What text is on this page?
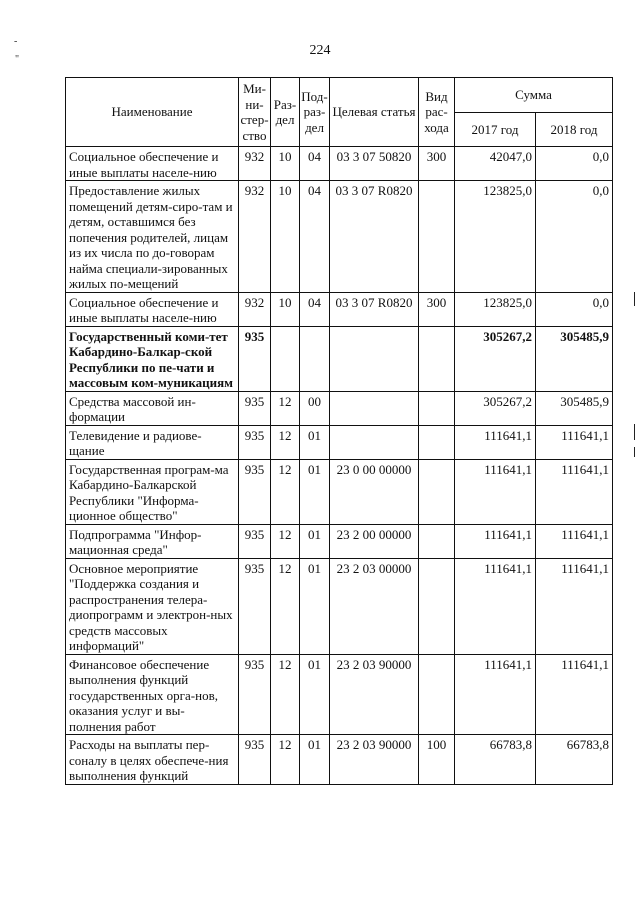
-
"
224
Наименование	Ми-ни-стер-ство	Раз-дел	Под-раз-дел	Целевая статья	Вид рас-хода	Сумма	
						2017 год	2018 год
Социальное обеспечение и иные выплаты населе-нию	932	10	04	03 3 07 50820	300	42047,0	0,0
Предоставление жилых помещений детям-сиро-там и детям, оставшимся без попечения родителей, лицам из их числа по до-говорам найма специали-зированных жилых по-мещений	932	10	04	03 3 07 R0820		123825,0	0,0
Социальное обеспечение и иные выплаты населе-нию	932	10	04	03 3 07 R0820	300	123825,0	0,0
Государственный коми-тет Кабардино-Балкар-ской Республики по пе-чати и массовым ком-муникациям	935					305267,2	305485,9
Средства массовой ин-формации	935	12	00			305267,2	305485,9
Телевидение и радиове-щание	935	12	01			111641,1	111641,1
Государственная програм-ма Кабардино-Балкарской Республики "Информа-ционное общество"	935	12	01	23 0 00 00000		111641,1	111641,1
Подпрограмма "Инфор-мационная среда"	935	12	01	23 2 00 00000		111641,1	111641,1
Основное мероприятие "Поддержка создания и распространения телера-диопрограмм и электрон-ных средств массовых информаций"	935	12	01	23 2 03 00000		111641,1	111641,1
Финансовое обеспечение выполнения функций государственных орга-нов, оказания услуг и вы-полнения работ	935	12	01	23 2 03 90000		111641,1	111641,1
Расходы на выплаты пер-соналу в целях обеспече-ния выполнения функций	935	12	01	23 2 03 90000	100	66783,8	66783,8
